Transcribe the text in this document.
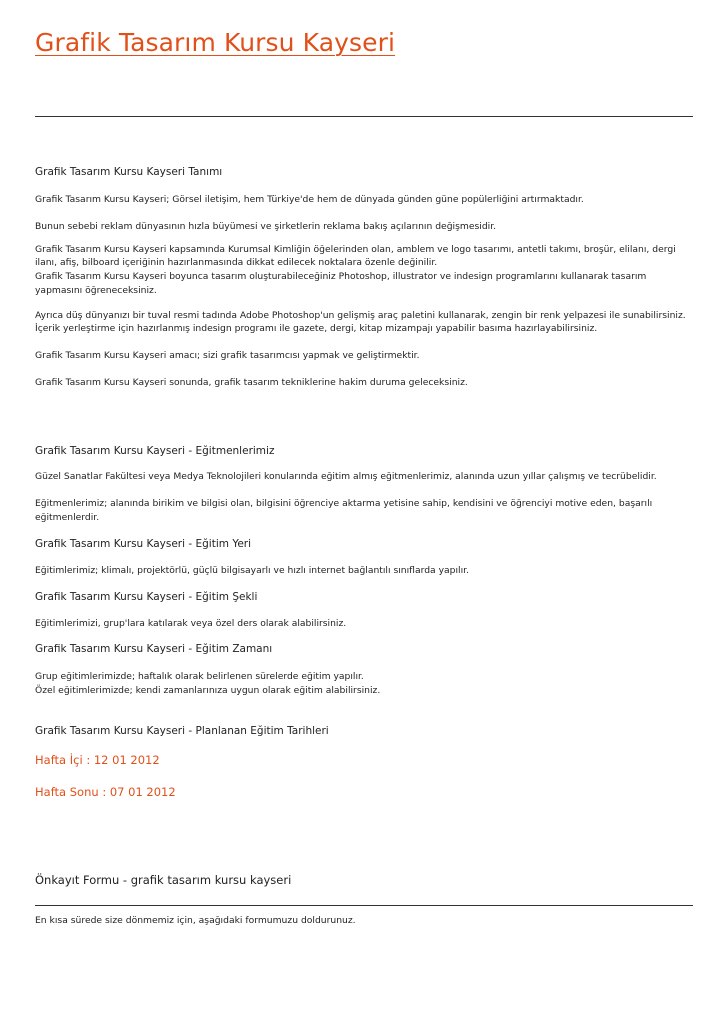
Grafik Tasarım Kursu Kayseri
Grafik Tasarım Kursu Kayseri Tanımı
Grafik Tasarım Kursu Kayseri; Görsel iletişim, hem Türkiye'de hem de dünyada günden güne popülerliğini artırmaktadır.
Bunun sebebi reklam dünyasının hızla büyümesi ve şirketlerin reklama bakış açılarının değişmesidir.
Grafik Tasarım Kursu Kayseri kapsamında Kurumsal Kimliğin öğelerinden olan, amblem ve logo tasarımı, antetli takımı, broşür, elilanı, dergi
ilanı, afiş, bilboard içeriğinin hazırlanmasında dikkat edilecek noktalara özenle değinilir.
Grafik Tasarım Kursu Kayseri boyunca tasarım oluşturabileceğiniz Photoshop, illustrator ve indesign programlarını kullanarak tasarım
yapmasını öğreneceksiniz.
Ayrıca düş dünyanızı bir tuval resmi tadında Adobe Photoshop'un gelişmiş araç paletini kullanarak, zengin bir renk yelpazesi ile sunabilirsiniz.
İçerik yerleştirme için hazırlanmış indesign programı ile gazete, dergi, kitap mizampajı yapabilir basıma hazırlayabilirsiniz.
Grafik Tasarım Kursu Kayseri amacı; sizi grafik tasarımcısı yapmak ve geliştirmektir.
Grafik Tasarım Kursu Kayseri sonunda, grafik tasarım tekniklerine hakim duruma geleceksiniz.
Grafik Tasarım Kursu Kayseri - Eğitmenlerimiz
Güzel Sanatlar Fakültesi veya Medya Teknolojileri konularında eğitim almış eğitmenlerimiz, alanında uzun yıllar çalışmış ve tecrübelidir.
Eğitmenlerimiz; alanında birikim ve bilgisi olan, bilgisini öğrenciye aktarma yetisine sahip, kendisini ve öğrenciyi motive eden, başarılı
eğitmenlerdir.
Grafik Tasarım Kursu Kayseri - Eğitim Yeri
Eğitimlerimiz; klimalı, projektörlü, güçlü bilgisayarlı ve hızlı internet bağlantılı sınıflarda yapılır.
Grafik Tasarım Kursu Kayseri - Eğitim Şekli
Eğitimlerimizi, grup'lara katılarak veya özel ders olarak alabilirsiniz.
Grafik Tasarım Kursu Kayseri - Eğitim Zamanı
Grup eğitimlerimizde; haftalık olarak belirlenen sürelerde eğitim yapılır.
Özel eğitimlerimizde; kendi zamanlarınıza uygun olarak eğitim alabilirsiniz.
Grafik Tasarım Kursu Kayseri - Planlanan Eğitim Tarihleri
Hafta İçi : 12 01 2012
Hafta Sonu : 07 01 2012
Önkayıt Formu - grafik tasarım kursu kayseri
En kısa sürede size dönmemiz için, aşağıdaki formumuzu doldurunuz.
